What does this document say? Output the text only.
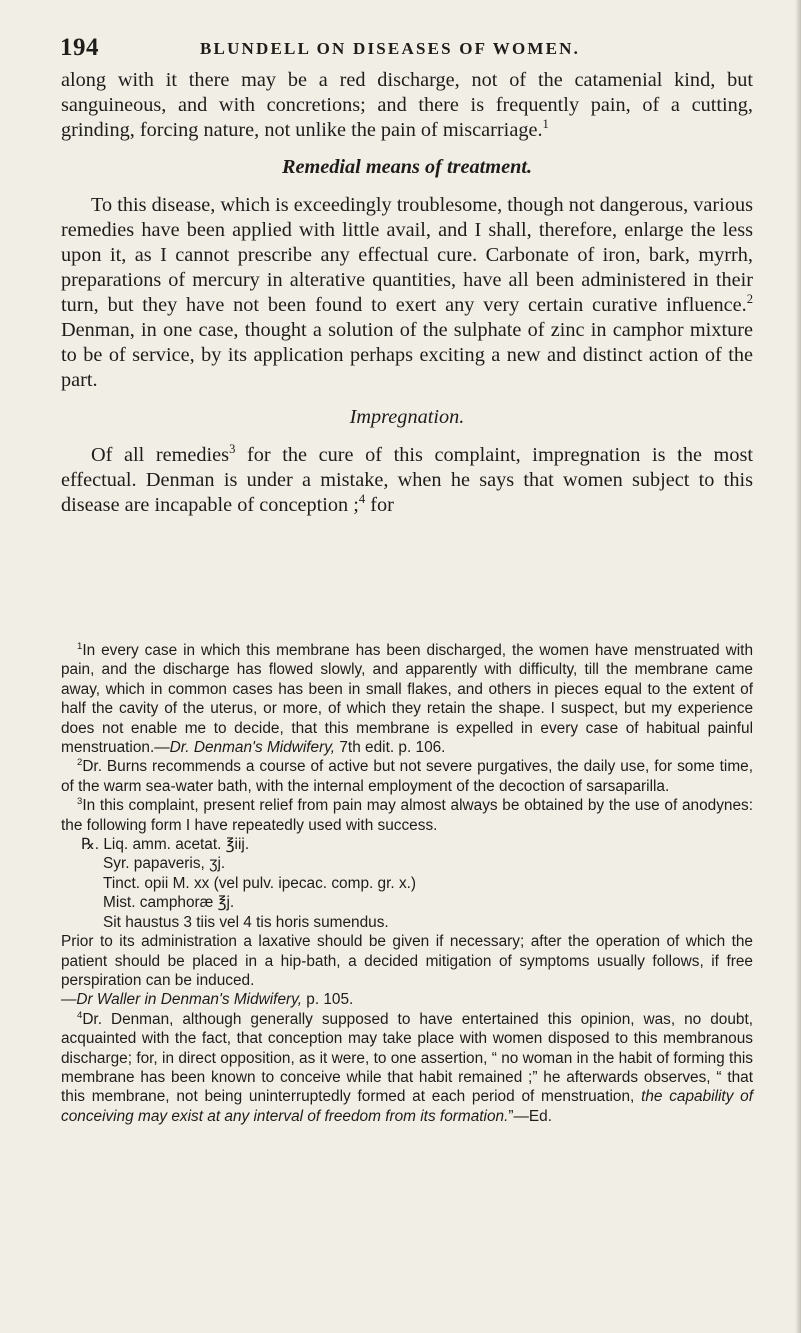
194	BLUNDELL ON DISEASES OF WOMEN.

along with it there may be a red discharge, not of the catamenial kind, but sanguineous, and with concretions; and there is frequently pain, of a cutting, grinding, forcing nature, not unlike the pain of miscarriage.$^1$

Remedial means of treatment.

To this disease, which is exceedingly troublesome, though not dangerous, various remedies have been applied with little avail, and I shall, therefore, enlarge the less upon it, as I cannot prescribe any effectual cure. Carbonate of iron, bark, myrrh, preparations of mercury in alterative quantities, have all been administered in their turn, but they have not been found to exert any very certain curative influence.$^2$ Denman, in one case, thought a solution of the sulphate of zinc in camphor mixture to be of service, by its application perhaps exciting a new and distinct action of the part.

Impregnation.

Of all remedies$^3$ for the cure of this complaint, impregnation is the most effectual. Denman is under a mistake, when he says that women subject to this disease are incapable of conception ;$^4$ for

$^1$In every case in which this membrane has been discharged, the women have menstruated with pain, and the discharge has flowed slowly, and apparently with difficulty, till the membrane came away, which in common cases has been in small flakes, and others in pieces equal to the extent of half the cavity of the uterus, or more, of which they retain the shape. I suspect, but my experience does not enable me to decide, that this membrane is expelled in every case of habitual painful menstruation.—Dr. Denman's Midwifery, 7th edit. p. 106.

$^2$Dr. Burns recommends a course of active but not severe purgatives, the daily use, for some time, of the warm sea-water bath, with the internal employment of the decoction of sarsaparilla.

$^3$In this complaint, present relief from pain may almost always be obtained by the use of anodynes: the following form I have repeatedly used with success.

℞. Liq. amm. acetat. ℥iij.
Syr. papaveris, ʒj.
Tinct. opii M. xx (vel pulv. ipecac. comp. gr. x.)
Mist. camphoræ ℥j.
Sit haustus 3 tiis vel 4 tis horis sumendus.

Prior to its administration a laxative should be given if necessary; after the operation of which the patient should be placed in a hip-bath, a decided mitigation of symptoms usually follows, if free perspiration can be induced.
—Dr Waller in Denman's Midwifery, p. 105.

$^4$Dr. Denman, although generally supposed to have entertained this opinion, was, no doubt, acquainted with the fact, that conception may take place with women disposed to this membranous discharge; for, in direct opposition, as it were, to one assertion, “ no woman in the habit of forming this membrane has been known to conceive while that habit remained ;” he afterwards observes, “ that this membrane, not being uninterruptedly formed at each period of menstruation, the capability of conceiving may exist at any interval of freedom from its formation.”—Ed.
